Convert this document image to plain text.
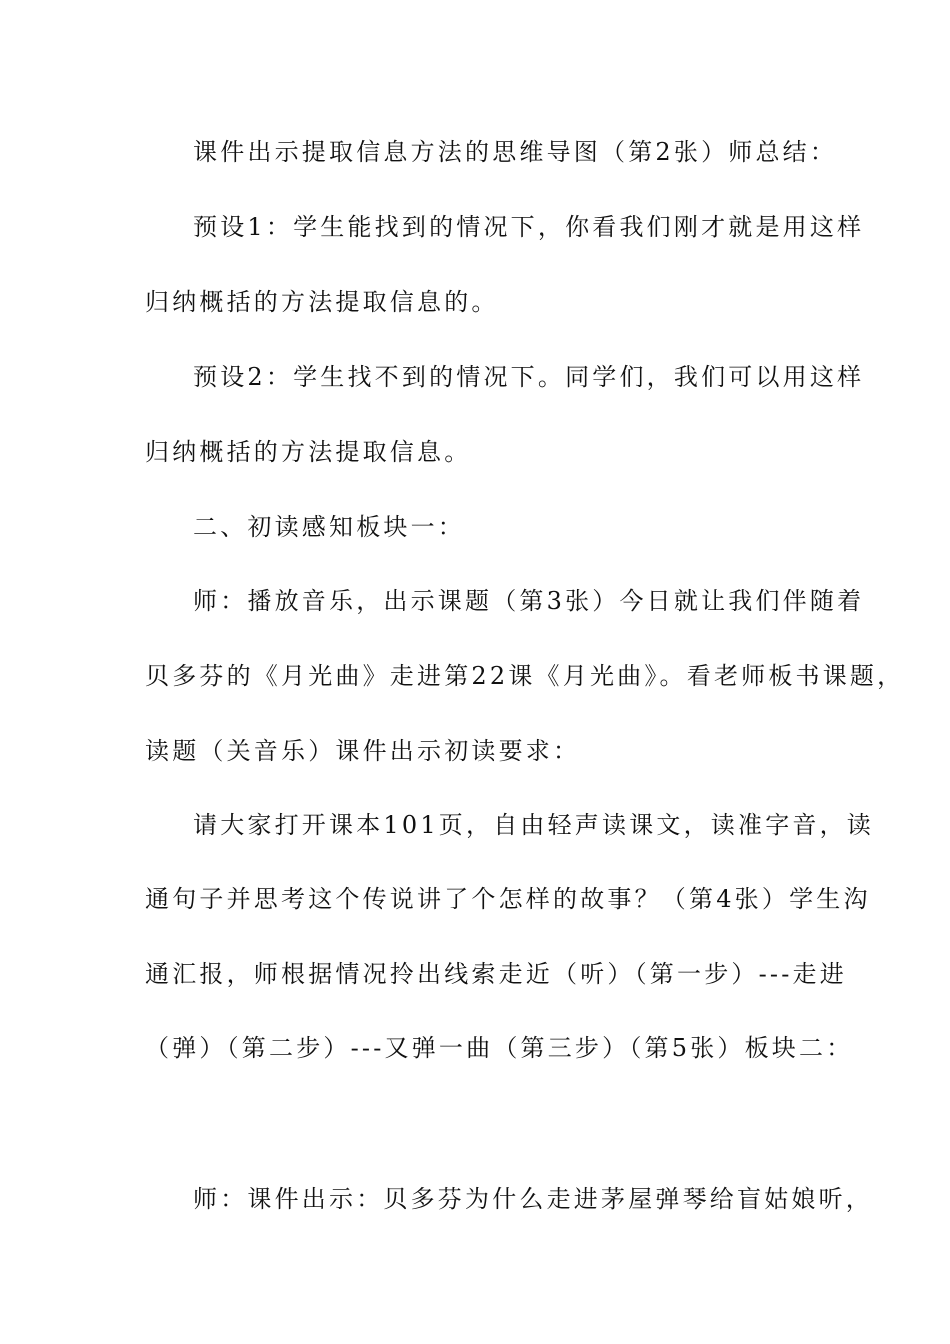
课件出示提取信息方法的思维导图（第2张）师总结：
预设1：学生能找到的情况下，你看我们刚才就是用这样
归纳概括的方法提取信息的。
预设2：学生找不到的情况下。同学们，我们可以用这样
归纳概括的方法提取信息。
二、初读感知板块一：
师：播放音乐，出示课题（第3张）今日就让我们伴随着
贝多芬的《月光曲》走进第22课《月光曲》。看老师板书课题，
读题（关音乐）课件出示初读要求：
请大家打开课本101页，自由轻声读课文，读准字音，读
通句子并思考这个传说讲了个怎样的故事？（第4张）学生沟
通汇报，师根据情况拎出线索走近（听）（第一步）---走进
（弹）（第二步）---又弹一曲（第三步）（第5张）板块二：
师：课件出示：贝多芬为什么走进茅屋弹琴给盲姑娘听，
